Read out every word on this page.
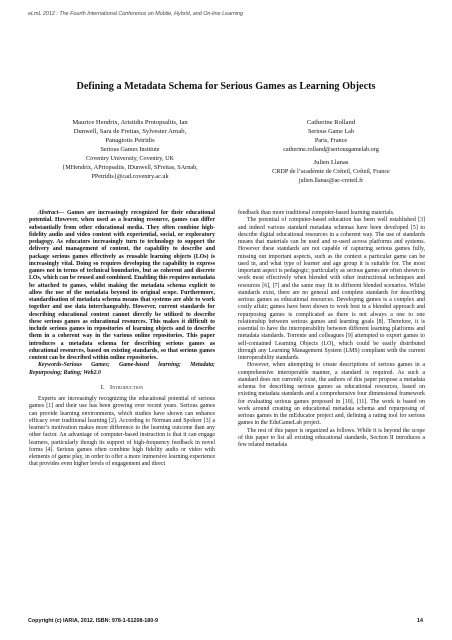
eLmL 2012 : The Fourth International Conference on Mobile, Hybrid, and On-line Learning
Defining a Metadata Schema for Serious Games as Learning Objects
Maurice Hendrix, Aristidis Protopsaltis, Ian
Dunwell, Sara de Freitas, Sylvester Arnab,
Panagiotis Petridis
Serious Games Institute
Coventry University, Coventry, UK
{MHendrix, APrtopsaltis, IDunwell, SFreitas, SArnab,
PPetridis}@cad.coventry.ac.uk
Catherine Rolland
Serious Game Lab
Paris, France
catherine.rolland@seriousgamelab.org
Julien Llanas
CRDP de l’académie de Créteil, Créteil, France
julien.llanas@ac-creteil.fr

Abstract— Games are increasingly recognized for their educational potential. However, when used as a learning resource, games can differ substantially from other educational media. They often combine high-fidelity audio and video content with experiential, social, or exploratory pedagogy. As educators increasingly turn to technology to support the delivery and management of content, the capability to describe and package serious games effectively as reusable learning objects (LOs) is increasingly vital. Doing so requires developing the capability to express games not in terms of technical boundaries, but as coherent and discrete LOs, which can be reused and combined. Enabling this requires metadata be attached to games, whilst making the metadata schema explicit to allow the use of the metadata beyond its original scope. Furthermore, standardisation of metadata schema means that systems are able to work together and use data interchangeably. However, current standards for describing educational content cannot directly be utilized to describe these serious games as educational resources. This makes it difficult to include serious games in repositories of learning objects and to describe them in a coherent way in the various online repositories. This paper introduces a metadata schema for describing serious games as educational resources, based on existing standards, so that serious games content can be described within online repositories.

Keywords-Serious Games; Game-based learning; Metadata; Repurposing; Rating; Web2.0

I. Introduction

Experts are increasingly recognizing the educational potential of serious games [1] and their use has been growing over recent years. Serious games can provide learning environments, which studies have shown can enhance efficacy over traditional learning [2]. According to Norman and Spohrer [3] a learner’s motivation makes more difference to the learning outcome than any other factor. An advantage of computer-based instruction is that it can engage learners, particularly though its support of high-frequency feedback in novel forms [4]. Serious games often combine high fidelity audio or video with elements of game play, in order to offer a more immersive learning experience that provides even higher levels of engagement and direct

feedback than more traditional computer-based learning materials.

The potential of computer-based education has been well established [3] and indeed various standard metadata schemas have been developed [5] to describe digital educational resources in a coherent way. The use of standards means that materials can be used and re-used across platforms and systems. However these standards are not capable of capturing serious games fully, missing out important aspects, such as the context a particular game can be used in, and what type of learner and age group it is suitable for. The most important aspect is pedagogic; particularly as serious games are often shown to work most effectively when blended with other instructional techniques and resources [6], [7] and the same may fit in different blended scenarios. Whilst standards exist, there are no general and complete standards for describing serious games as educational resources. Developing games is a complex and costly affair; games have been shown to work best in a blended approach and repurposing games is complicated as there is not always a one to one relationship between serious games and learning goals [8]. Therefore, it is essential to have the interoperability between different learning platforms and metadata standards. Torrente and colleagues [9] attempted to export games to self-contained Learning Objects (LO), which could be easily distributed through any Learning Management System (LMS) compliant with the current interoperability standards.

However, when attempting to create descriptions of serious games in a comprehensive interoperable manner, a standard is required. As such a standard does not currently exist, the authors of this paper propose a metadata schema for describing serious games as educational resources, based on existing metadata standards and a comprehensive four dimensional framework for evaluating serious games proposed in [10], [11]. The work is based on work around creating an educational metadata schema and repurposing of serious games in the mEducator project and, defining a rating tool for serious games in the EduGameLab project.

The rest of this paper is organized as follows. While it is beyond the scope of this paper to list all existing educational standards, Section II introduces a few related metadata

Copyright (c) IARIA, 2012. ISBN: 978-1-61208-180-9	14
